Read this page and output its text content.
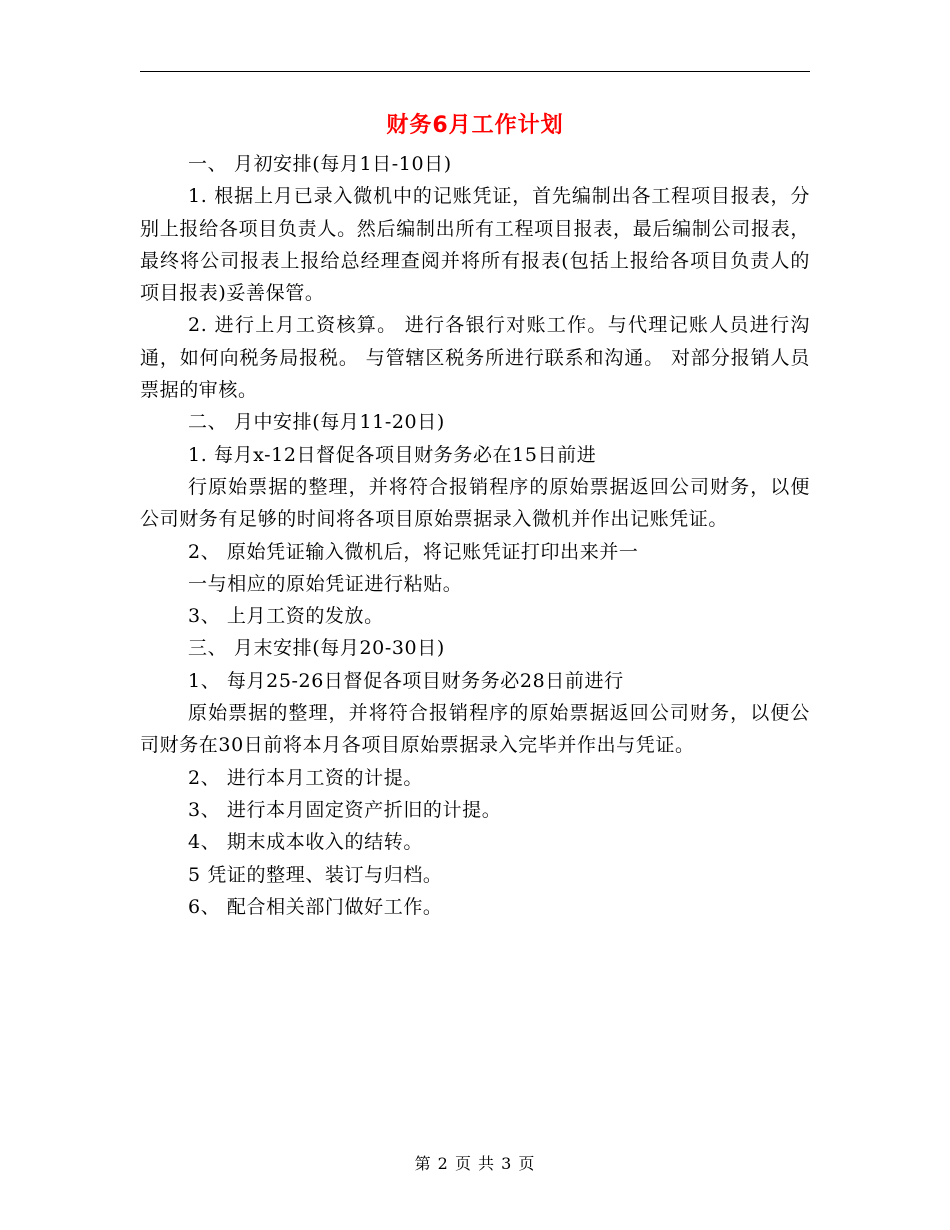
财务6月工作计划

一、 月初安排(每月1日-10日)

1. 根据上月已录入微机中的记账凭证，首先编制出各工程项目报表，分别上报给各项目负责人。然后编制出所有工程项目报表，最后编制公司报表，最终将公司报表上报给总经理查阅并将所有报表(包括上报给各项目负责人的项目报表)妥善保管。

2. 进行上月工资核算。 进行各银行对账工作。与代理记账人员进行沟通，如何向税务局报税。 与管辖区税务所进行联系和沟通。 对部分报销人员票据的审核。

二、 月中安排(每月11-20日)

1. 每月x-12日督促各项目财务务必在15日前进

行原始票据的整理，并将符合报销程序的原始票据返回公司财务，以便公司财务有足够的时间将各项目原始票据录入微机并作出记账凭证。

2、 原始凭证输入微机后，将记账凭证打印出来并一

一与相应的原始凭证进行粘贴。

3、 上月工资的发放。

三、 月末安排(每月20-30日)

1、 每月25-26日督促各项目财务务必28日前进行

原始票据的整理，并将符合报销程序的原始票据返回公司财务，以便公司财务在30日前将本月各项目原始票据录入完毕并作出与凭证。

2、 进行本月工资的计提。

3、 进行本月固定资产折旧的计提。

4、 期末成本收入的结转。

5 凭证的整理、装订与归档。

6、 配合相关部门做好工作。

第 2 页 共 3 页
